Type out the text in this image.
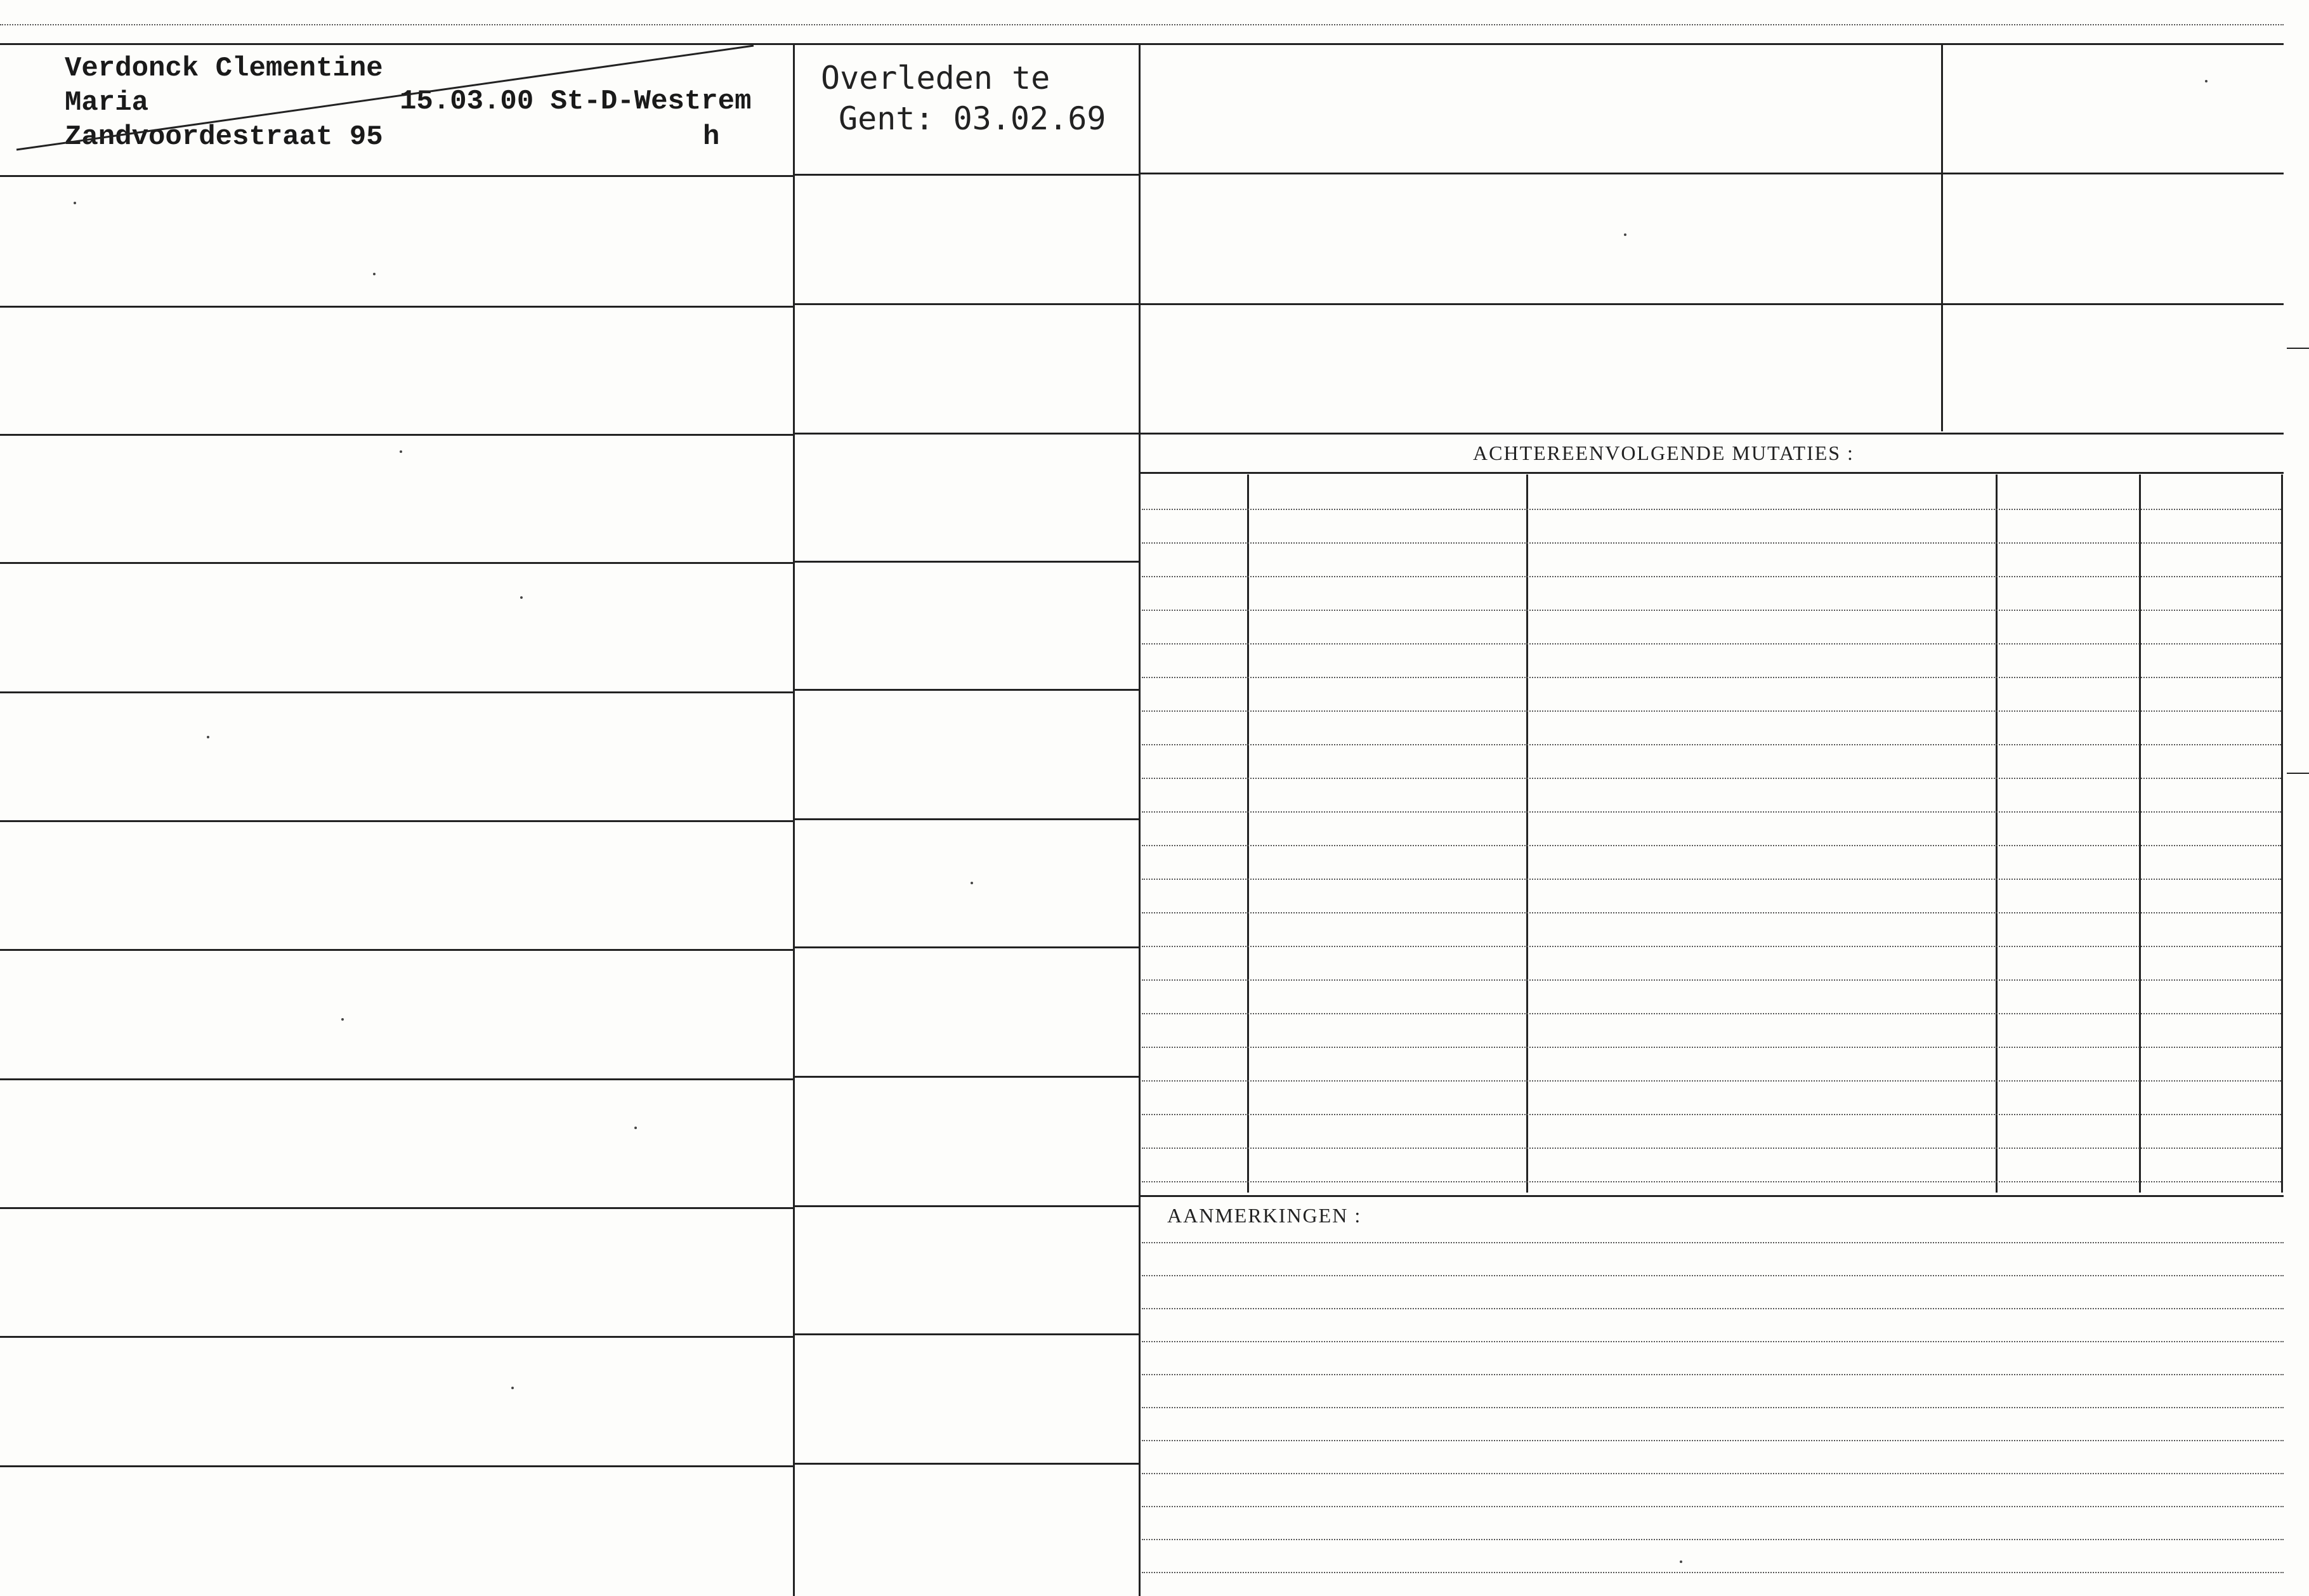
ACHTEREENVOLGENDE MUTATIES :
AANMERKINGEN :
Verdonck Clementine
Maria	15.03.00 St-D-Westrem
Zandvoordestraat 95	h
Overleden te
Gent: 03.02.69
